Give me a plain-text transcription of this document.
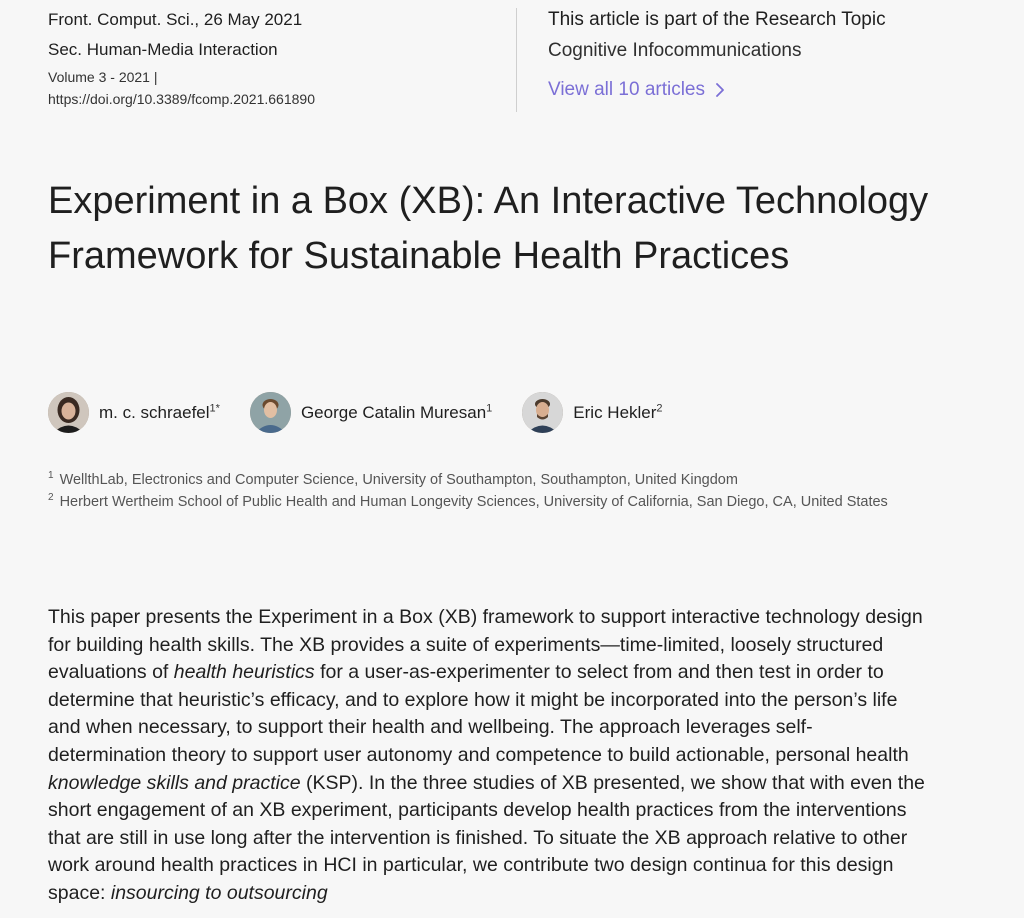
Front. Comput. Sci., 26 May 2021
Sec. Human-Media Interaction
Volume 3 - 2021 |
https://doi.org/10.3389/fcomp.2021.661890
This article is part of the Research Topic
Cognitive Infocommunications
View all 10 articles
Experiment in a Box (XB): An Interactive Technology Framework for Sustainable Health Practices
m. c. schraefel$^{1*}$	George Catalin Muresan$^1$	Eric Hekler$^2$
$^1$ WellthLab, Electronics and Computer Science, University of Southampton, Southampton, United Kingdom
$^2$ Herbert Wertheim School of Public Health and Human Longevity Sciences, University of California, San Diego, CA, United States

This paper presents the Experiment in a Box (XB) framework to support interactive technology design for building health skills. The XB provides a suite of experiments—time-limited, loosely structured evaluations of health heuristics for a user-as-experimenter to select from and then test in order to determine that heuristic’s efficacy, and to explore how it might be incorporated into the person’s life and when necessary, to support their health and wellbeing. The approach leverages self-determination theory to support user autonomy and competence to build actionable, personal health knowledge skills and practice (KSP). In the three studies of XB presented, we show that with even the short engagement of an XB experiment, participants develop health practices from the interventions that are still in use long after the intervention is finished. To situate the XB approach relative to other work around health practices in HCI in particular, we contribute two design continua for this design space: insourcing to outsourcing
